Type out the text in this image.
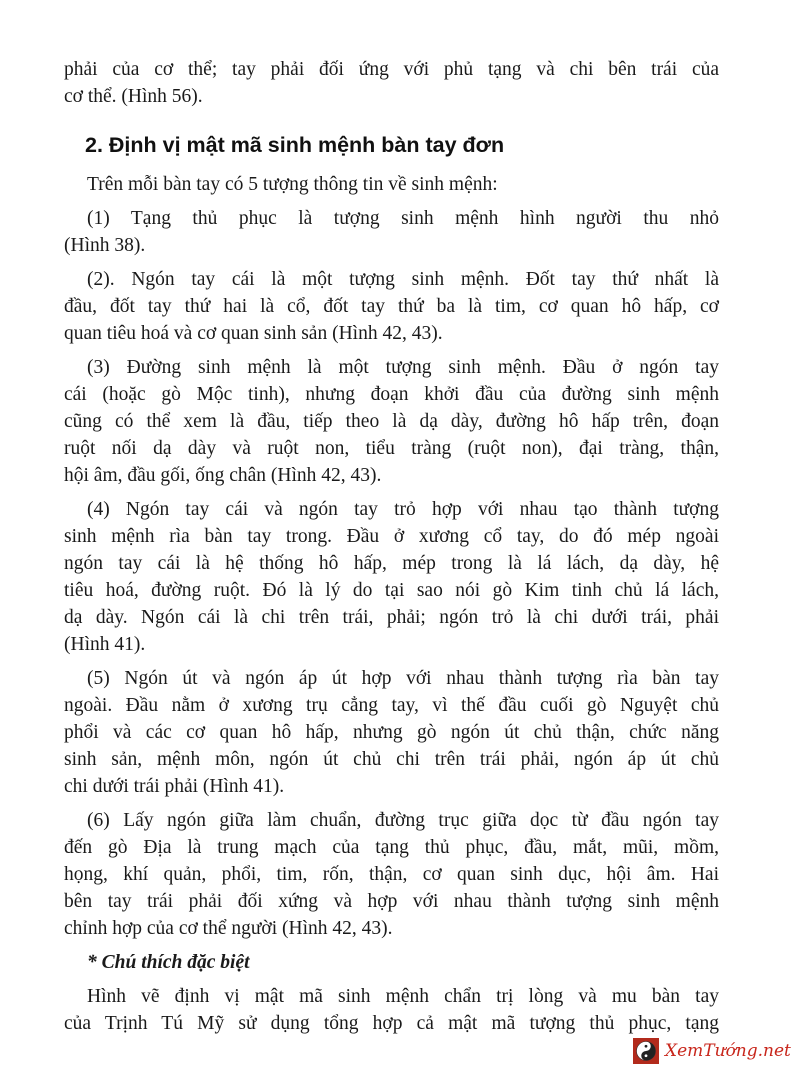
phải của cơ thể; tay phải đối ứng với phủ tạng và chi bên trái của
cơ thể. (Hình 56).
2. Định vị mật mã sinh mệnh bàn tay đơn
Trên mỗi bàn tay có 5 tượng thông tin về sinh mệnh:
(1) Tạng thủ phục là tượng sinh mệnh hình người thu nhỏ
(Hình 38).
(2). Ngón tay cái là một tượng sinh mệnh. Đốt tay thứ nhất là
đầu, đốt tay thứ hai là cổ, đốt tay thứ ba là tim, cơ quan hô hấp, cơ
quan tiêu hoá và cơ quan sinh sản (Hình 42, 43).
(3) Đường sinh mệnh là một tượng sinh mệnh. Đầu ở ngón tay
cái (hoặc gò Mộc tinh), nhưng đoạn khởi đầu của đường sinh mệnh
cũng có thể xem là đầu, tiếp theo là dạ dày, đường hô hấp trên, đoạn
ruột nối dạ dày và ruột non, tiểu tràng (ruột non), đại tràng, thận,
hội âm, đầu gối, ống chân (Hình 42, 43).
(4) Ngón tay cái và ngón tay trỏ hợp với nhau tạo thành tượng
sinh mệnh rìa bàn tay trong. Đầu ở xương cổ tay, do đó mép ngoài
ngón tay cái là hệ thống hô hấp, mép trong là lá lách, dạ dày, hệ
tiêu hoá, đường ruột. Đó là lý do tại sao nói gò Kim tinh chủ lá lách,
dạ dày. Ngón cái là chi trên trái, phải; ngón trỏ là chi dưới trái, phải
(Hình 41).
(5) Ngón út và ngón áp út hợp với nhau thành tượng rìa bàn tay
ngoài. Đầu nằm ở xương trụ cẳng tay, vì thế đầu cuối gò Nguyệt chủ
phổi và các cơ quan hô hấp, nhưng gò ngón út chủ thận, chức năng
sinh sản, mệnh môn, ngón út chủ chi trên trái phải, ngón áp út chủ
chi dưới trái phải (Hình 41).
(6) Lấy ngón giữa làm chuẩn, đường trục giữa dọc từ đầu ngón tay
đến gò Địa là trung mạch của tạng thủ phục, đầu, mắt, mũi, mồm,
họng, khí quản, phổi, tim, rốn, thận, cơ quan sinh dục, hội âm. Hai
bên tay trái phải đối xứng và hợp với nhau thành tượng sinh mệnh
chỉnh hợp của cơ thể người (Hình 42, 43).
* Chú thích đặc biệt
Hình vẽ định vị mật mã sinh mệnh chẩn trị lòng và mu bàn tay
của Trịnh Tú Mỹ sử dụng tổng hợp cả mật mã tượng thủ phục, tạng
XemTướng.net
